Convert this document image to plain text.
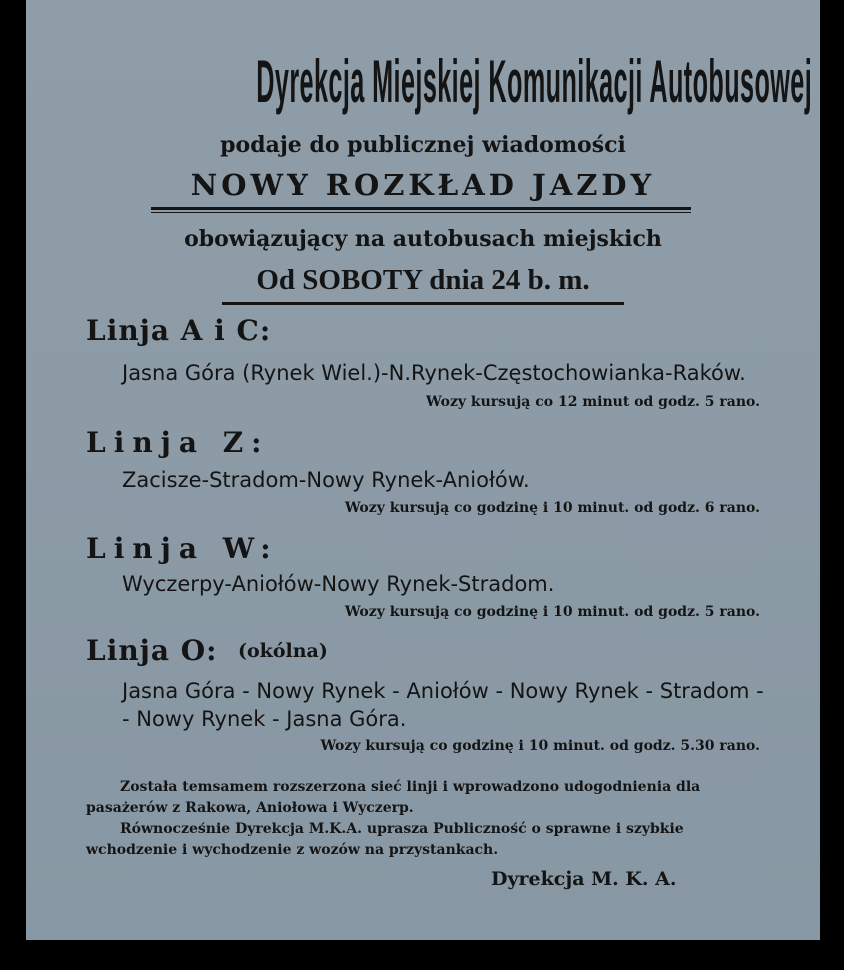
Dyrekcja Miejskiej Komunikacji Autobusowej
podaje do publicznej wiadomości
NOWY ROZKŁAD JAZDY
obowiązujący na autobusach miejskich
Od SOBOTY dnia 24 b. m.
Linja A i C:
Jasna Góra (Rynek Wiel.)-N.Rynek-Częstochowianka-Raków.
Wozy kursują co 12 minut od godz. 5 rano.
Linja Z:
Zacisze-Stradom-Nowy Rynek-Aniołów.
Wozy kursują co godzinę i 10 minut. od godz. 6 rano.
Linja W:
Wyczerpy-Aniołów-Nowy Rynek-Stradom.
Wozy kursują co godzinę i 10 minut. od godz. 5 rano.
Linja O: (okólna)
Jasna Góra - Nowy Rynek - Aniołów - Nowy Rynek - Stradom -
- Nowy Rynek - Jasna Góra.
Wozy kursują co godzinę i 10 minut. od godz. 5.30 rano.
Została temsamem rozszerzona sieć linji i wprowadzono udogodnienia dla pasażerów z Rakowa, Aniołowa i Wyczerp.
Równocześnie Dyrekcja M.K.A. uprasza Publiczność o sprawne i szybkie wchodzenie i wychodzenie z wozów na przystankach.
Dyrekcja M. K. A.
